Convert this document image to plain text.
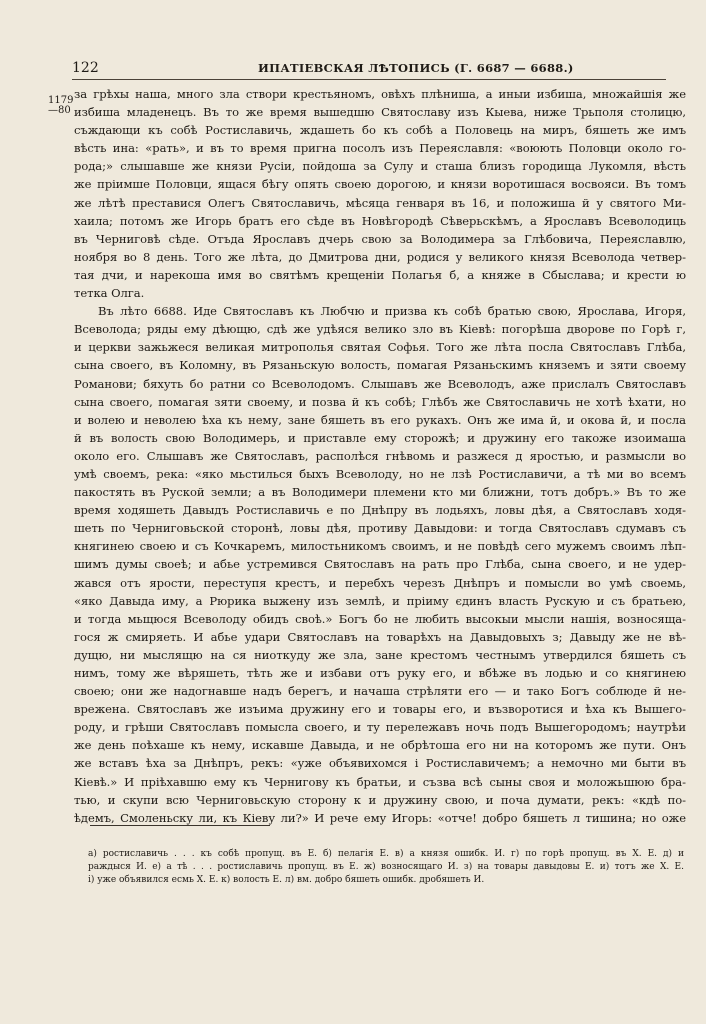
122	ИПАТІЕВСКАЯ ЛѢТОПИСЬ (Г. 6687 — 6688.)
1179
—80
за грѣхы наша, много зла створи крестьяномъ, овѣхъ плѣниша, а иныи избиша, множайшія же
избиша младенецъ. Въ то же время вышедшю Святославу изъ Кыева, ниже Трьполя столицю,
съждающи къ собѣ Ростиславичь, ждашеть бо къ собѣ а Половець на миръ, бяшеть же имъ
вѣсть ина: «рать», и въ то время пригна посолъ изъ Переяславля: «воюють Половци около го-
рода;» слышавше же князи Русіи, пойдоша за Сулу и сташа близъ городища Лукомля, вѣсть
же пріимше Половци, ящася бѣгу опять своею дорогою, и князи воротишася восвояси. Въ томъ
же лѣтѣ преставися Олегъ Святославичь, мѣсяца генваря въ 16, и положиша й у святого Ми-
хаила; потомъ же Игорь братъ его сѣде въ Новѣгородѣ Сѣверьскѣмъ, а Ярославъ Всеволодиць
въ Черниговѣ сѣде. Отъда Ярославъ дчерь свою за Володимера за Глѣбовича, Переяславлю,
ноября во 8 день. Того же лѣта, до Дмитрова дни, родися у великого князя Всеволода четвер-
тая дчи, и нарекоша имя во святѣмъ крещеніи Полагья б, а княже в Сбыслава; и крести ю
тетка Олга.
Въ лѣто 6688. Иде Святославъ къ Любчю и призва къ собѣ братью свою, Ярослава, Игоря,
Всеволода; ряды ему дѣющю, сдѣ же удѣяся велико зло въ Кіевѣ: погорѣша дворове по Горѣ г,
и церкви зажьжеся великая митрополья святая Софья. Того же лѣта посла Святославъ Глѣба,
сына своего, въ Коломну, въ Рязаньскую волость, помагая Рязаньскимъ княземъ и зяти своему
Романови; бяхуть бо ратни со Всеволодомъ. Слышавъ же Всеволодъ, аже прислалъ Святославъ
сына своего, помагая зяти своему, и позва й къ собѣ; Глѣбъ же Святославичь не хотѣ ѣхати, но
и волею и неволею ѣха къ нему, зане бяшеть въ его рукахъ. Онъ же има й, и окова й, и посла
й въ волость свою Володимерь, и приставле ему сторожѣ; и дружину его такоже изоимаша
около его. Слышавъ же Святославъ, располѣся гнѣвомь и разжеся д яростью, и размысли во
умѣ своемъ, река: «яко мьстилься быхъ Всеволоду, но не лзѣ Ростиславичи, а тѣ ми во всемъ
пакостять въ Руской земли; а въ Володимери племени кто ми ближни, тотъ добръ.» Въ то же
время ходяшеть Давыдъ Ростиславичь е по Днѣпру въ лодьяхъ, ловы дѣя, а Святославъ ходя-
шеть по Черниговьской сторонѣ, ловы дѣя, противу Давыдови: и тогда Святославъ сдумавъ съ
княгинею своею и съ Кочкаремъ, милостьникомъ своимъ, и не повѣдѣ сего мужемъ своимъ лѣп-
шимъ думы своеѣ; и абье устремився Святославъ на рать про Глѣба, сына своего, и не удер-
жався отъ ярости, переступя крестъ, и перебхъ черезъ Днѣпръ и помысли во умѣ своемь,
«яко Давыда иму, а Рюрика выжену изъ землѣ, и пріиму єдинъ власть Рускую и съ братьею,
и тогда мьщюся Всеволоду обидъ своѣ.» Богъ бо не любить высокыи мысли нашія, возносяща-
гося ж смиряеть. И абье удари Святославъ на товарѣхъ на Давыдовыхъ з; Давыду же не вѣ-
дущю, ни мыслящю на ся ниоткуду же зла, зане крестомъ честнымъ утвердился бяшеть съ
нимъ, тому же вѣряшеть, тѣть же и избави отъ руку его, и вбѣже въ лодью и со княгинею
своею; они же надогнавше надъ берегъ, и начаша стрѣляти его — и тако Богъ соблюде й не-
врежена. Святославъ же изъима дружину его и товары его, и възворотися и ѣха къ Вышего-
роду, и грѣши Святославъ помысла своего, и ту перележавъ ночь подъ Вышегородомъ; наутрѣи
же день поѣхаше къ нему, искавше Давыда, и не обрѣтоша его ни на которомъ же пути. Онъ
же вставъ ѣха за Днѣпръ, рекъ: «уже объявихомся і Ростиславичемъ; а немочно ми быти въ
Кіевѣ.» И пріѣхавшю ему къ Чернигову къ братьи, и съзва всѣ сыны своя и моложьшюю бра-
тью, и скупи всю Черниговьскую сторону к и дружину свою, и поча думати, рекъ: «кдѣ по-
ѣдемъ, Смоленьску ли, къ Кіеву ли?» И рече ему Игорь: «отче! добро бяшеть л тишина; но оже
а) ростиславичь . . . къ собѣ пропущ. въ Е. б) пелагія Е. в) а князя ошибк. И. г) по горѣ пропущ. въ Х. Е. д) и
раждыся И. е) а тѣ . . . ростиславичь пропущ. въ Е. ж) возносящаго И. з) на товары давыдовы Е. и) тотъ же Х. Е.
і) уже объявился есмь Х. Е. к) волость Е. л) вм. добро бяшеть ошибк. дробяшеть И.
